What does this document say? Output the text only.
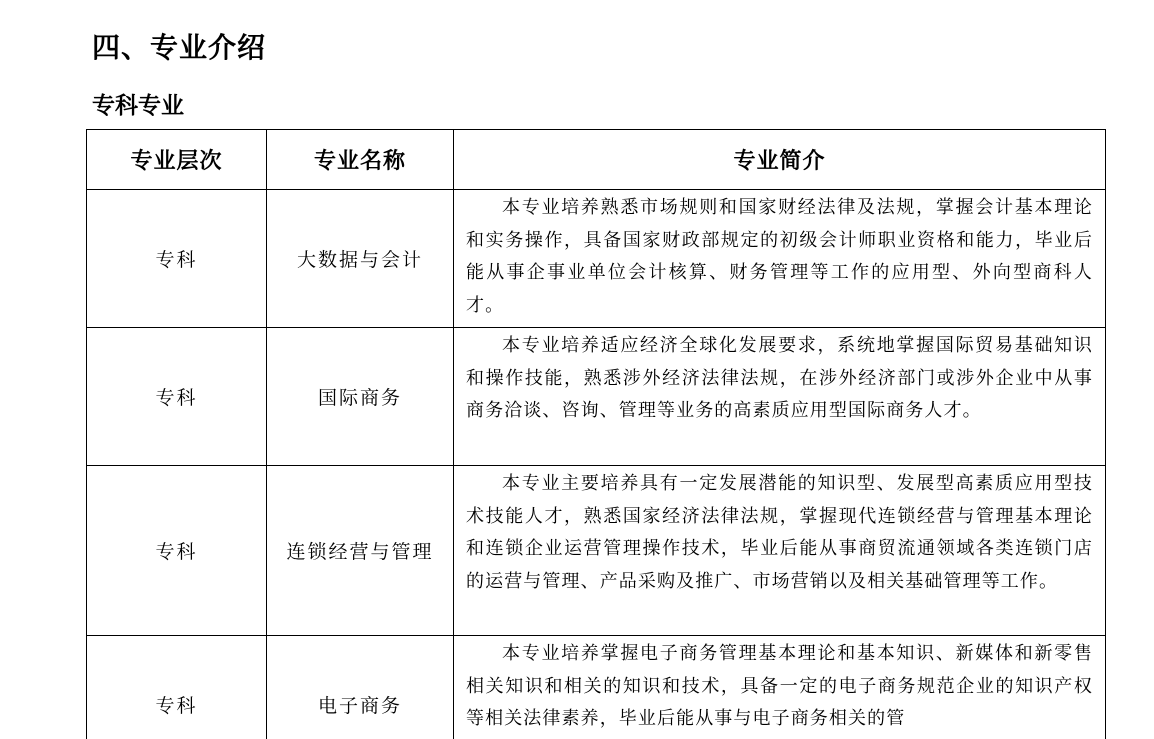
四、专业介绍
专科专业
专业层次	专业名称	专业简介
专科	大数据与会计	本专业培养熟悉市场规则和国家财经法律及法规，掌握会计基本理论和实务操作，具备国家财政部规定的初级会计师职业资格和能力，毕业后能从事企事业单位会计核算、财务管理等工作的应用型、外向型商科人才。

专科	国际商务	本专业培养适应经济全球化发展要求，系统地掌握国际贸易基础知识和操作技能，熟悉涉外经济法律法规，在涉外经济部门或涉外企业中从事商务洽谈、咨询、管理等业务的高素质应用型国际商务人才。

专科	连锁经营与管理	本专业主要培养具有一定发展潜能的知识型、发展型高素质应用型技术技能人才，熟悉国家经济法律法规，掌握现代连锁经营与管理基本理论和连锁企业运营管理操作技术，毕业后能从事商贸流通领域各类连锁门店的运营与管理、产品采购及推广、市场营销以及相关基础管理等工作。

专科	电子商务	本专业培养掌握电子商务管理基本理论和基本知识、新媒体和新零售相关知识和相关的知识和技术，具备一定的电子商务规范企业的知识产权等相关法律素养，毕业后能从事与电子商务相关的管
